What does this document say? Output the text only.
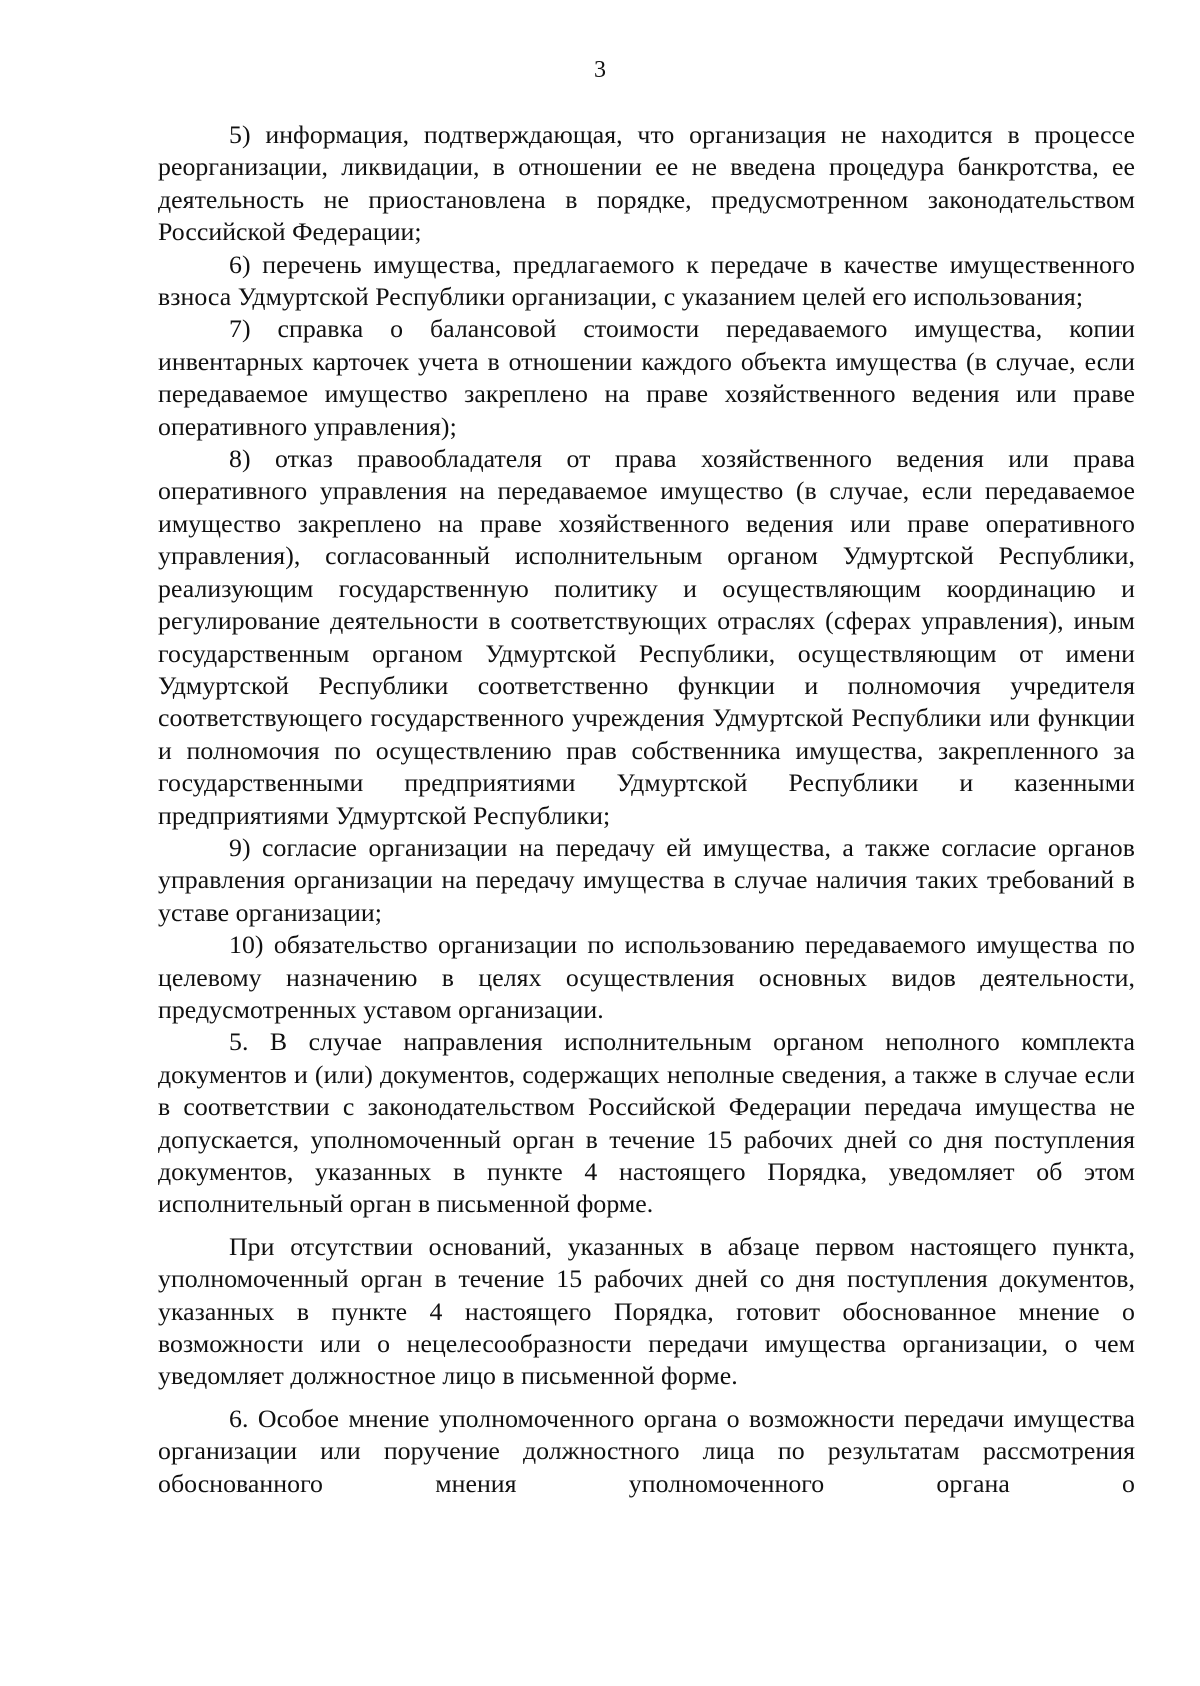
3

5) информация, подтверждающая, что организация не находится в процессе реорганизации, ликвидации, в отношении ее не введена процедура банкротства, ее деятельность не приостановлена в порядке, предусмотренном законодательством Российской Федерации;

6) перечень имущества, предлагаемого к передаче в качестве имущественного взноса Удмуртской Республики организации, с указанием целей его использования;

7) справка о балансовой стоимости передаваемого имущества, копии инвентарных карточек учета в отношении каждого объекта имущества (в случае, если передаваемое имущество закреплено на праве хозяйственного ведения или праве оперативного управления);

8) отказ правообладателя от права хозяйственного ведения или права оперативного управления на передаваемое имущество (в случае, если передаваемое имущество закреплено на праве хозяйственного ведения или праве оперативного управления), согласованный исполнительным органом Удмуртской Республики, реализующим государственную политику и осуществляющим координацию и регулирование деятельности в соответствующих отраслях (сферах управления), иным государственным органом Удмуртской Республики, осуществляющим от имени Удмуртской Республики соответственно функции и полномочия учредителя соответствующего государственного учреждения Удмуртской Республики или функции и полномочия по осуществлению прав собственника имущества, закрепленного за государственными предприятиями Удмуртской Республики и казенными предприятиями Удмуртской Республики;

9) согласие организации на передачу ей имущества, а также согласие органов управления организации на передачу имущества в случае наличия таких требований в уставе организации;

10) обязательство организации по использованию передаваемого имущества по целевому назначению в целях осуществления основных видов деятельности, предусмотренных уставом организации.

5. В случае направления исполнительным органом неполного комплекта документов и (или) документов, содержащих неполные сведения, а также в случае если в соответствии с законодательством Российской Федерации передача имущества не допускается, уполномоченный орган в течение 15 рабочих дней со дня поступления документов, указанных в пункте 4 настоящего Порядка, уведомляет об этом исполнительный орган в письменной форме.

При отсутствии оснований, указанных в абзаце первом настоящего пункта, уполномоченный орган в течение 15 рабочих дней со дня поступления документов, указанных в пункте 4 настоящего Порядка, готовит обоснованное мнение о возможности или о нецелесообразности передачи имущества организации, о чем уведомляет должностное лицо в письменной форме.

6. Особое мнение уполномоченного органа о возможности передачи имущества организации или поручение должностного лица по результатам рассмотрения обоснованного мнения уполномоченного органа о
